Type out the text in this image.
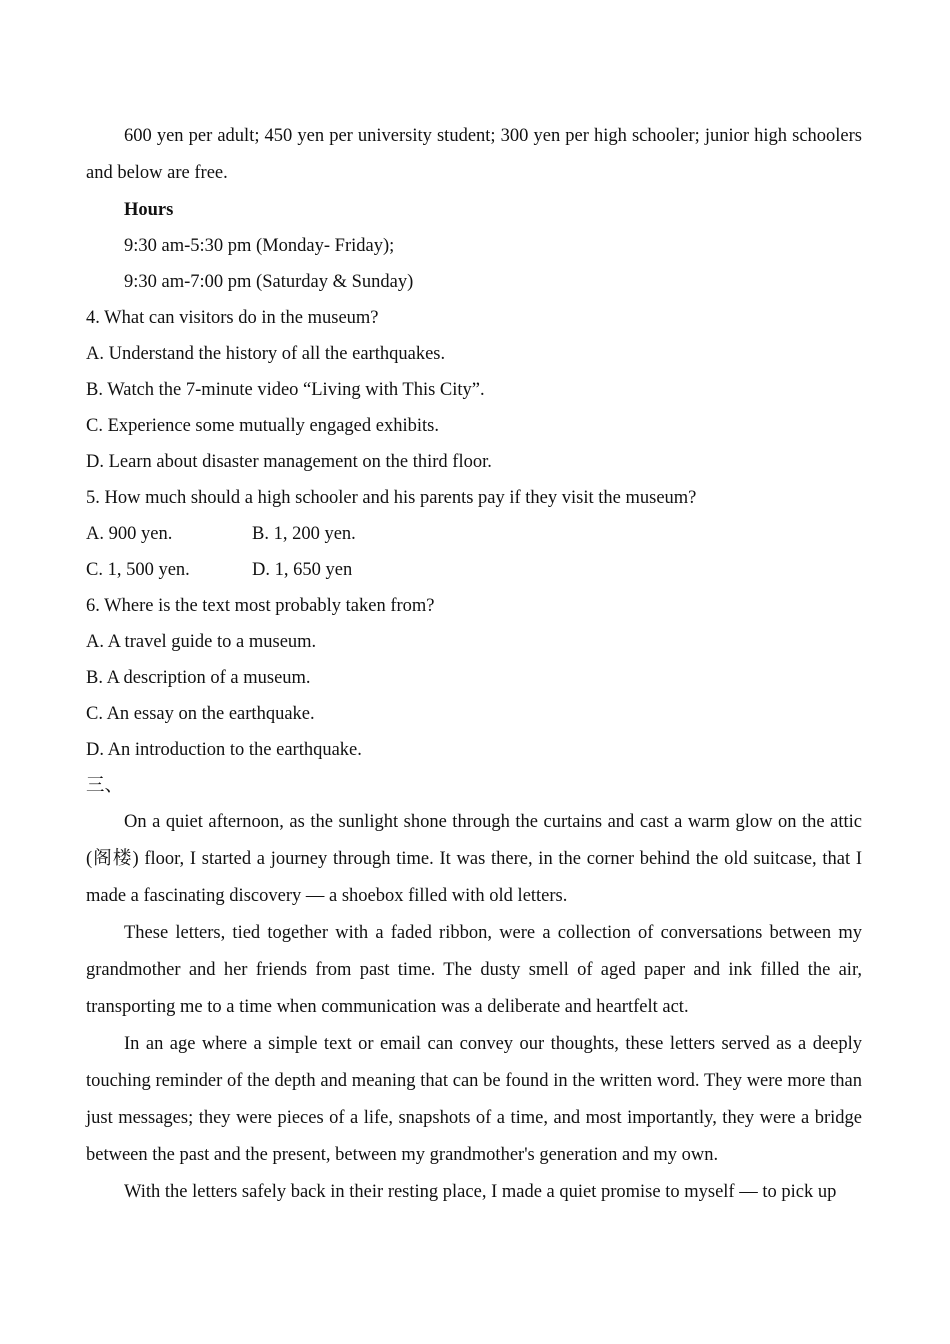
600 yen per adult; 450 yen per university student; 300 yen per high schooler; junior high schoolers and below are free.

Hours
9:30 am-5:30 pm (Monday- Friday);
9:30 am-7:00 pm (Saturday & Sunday)
4. What can visitors do in the museum?
A. Understand the history of all the earthquakes.
B. Watch the 7-minute video “Living with This City”.
C. Experience some mutually engaged exhibits.
D. Learn about disaster management on the third floor.
5. How much should a high schooler and his parents pay if they visit the museum?
A. 900 yen.	B. 1, 200 yen.
C. 1, 500 yen.	D. 1, 650 yen
6. Where is the text most probably taken from?
A. A travel guide to a museum.
B. A description of a museum.
C. An essay on the earthquake.
D. An introduction to the earthquake.
三、

On a quiet afternoon, as the sunlight shone through the curtains and cast a warm glow on the attic (阁楼) floor, I started a journey through time. It was there, in the corner behind the old suitcase, that I made a fascinating discovery — a shoebox filled with old letters.

These letters, tied together with a faded ribbon, were a collection of conversations between my grandmother and her friends from past time. The dusty smell of aged paper and ink filled the air, transporting me to a time when communication was a deliberate and heartfelt act.

In an age where a simple text or email can convey our thoughts, these letters served as a deeply touching reminder of the depth and meaning that can be found in the written word. They were more than just messages; they were pieces of a life, snapshots of a time, and most importantly, they were a bridge between the past and the present, between my grandmother's generation and my own.

With the letters safely back in their resting place, I made a quiet promise to myself — to pick up
